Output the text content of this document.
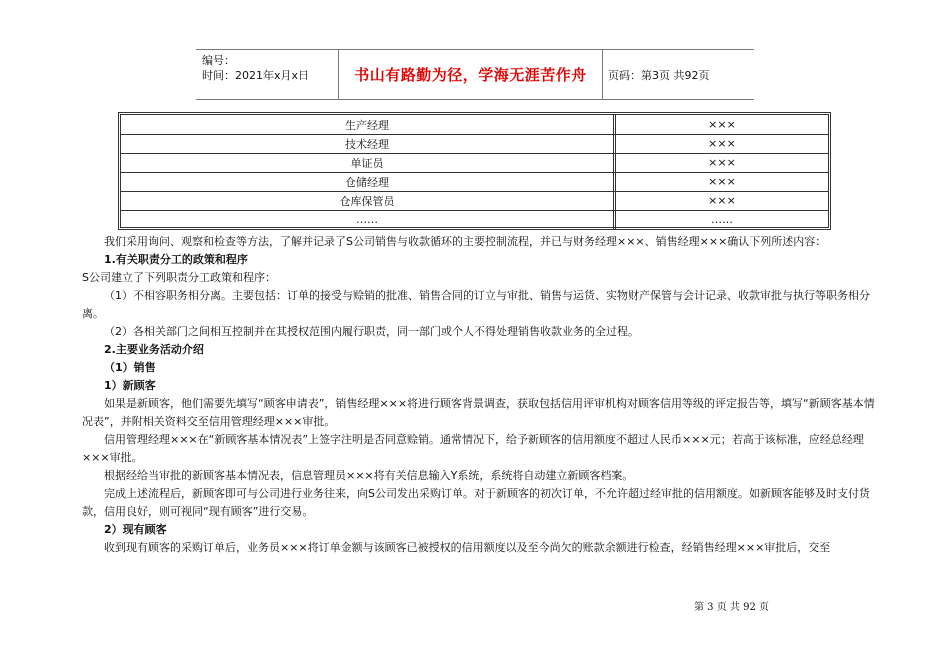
编号：
时间：2021年x月x日	书山有路勤为径，学海无涯苦作舟	页码：第3页 共92页
生产经理	×××
技术经理	×××
单证员	×××
仓储经理	×××
仓库保管员	×××
……	……

我们采用询问、观察和检查等方法，了解并记录了S公司销售与收款循环的主要控制流程，并已与财务经理×××、销售经理×××确认下列所述内容：

1.有关职责分工的政策和程序

S公司建立了下列职责分工政策和程序：

（1）不相容职务相分离。主要包括：订单的接受与赊销的批准、销售合同的订立与审批、销售与运货、实物财产保管与会计记录、收款审批与执行等职务相分离。

（2）各相关部门之间相互控制并在其授权范围内履行职责，同一部门或个人不得处理销售收款业务的全过程。

2.主要业务活动介绍

（1）销售

1）新顾客

如果是新顾客，他们需要先填写“顾客申请表”，销售经理×××将进行顾客背景调查，获取包括信用评审机构对顾客信用等级的评定报告等，填写“新顾客基本情况表”，并附相关资料交至信用管理经理×××审批。

信用管理经理×××在“新顾客基本情况表”上签字注明是否同意赊销。通常情况下，给予新顾客的信用额度不超过人民币×××元；若高于该标准，应经总经理×××审批。

根据经给当审批的新顾客基本情况表，信息管理员×××将有关信息输入Y系统，系统将自动建立新顾客档案。

完成上述流程后，新顾客即可与公司进行业务往来，向S公司发出采购订单。对于新顾客的初次订单，不允许超过经审批的信用额度。如新顾客能够及时支付货款，信用良好，则可视同“现有顾客”进行交易。

2）现有顾客

收到现有顾客的采购订单后，业务员×××将订单金额与该顾客已被授权的信用额度以及至今尚欠的账款余额进行检查，经销售经理×××审批后，交至

第 3 页 共 92 页
